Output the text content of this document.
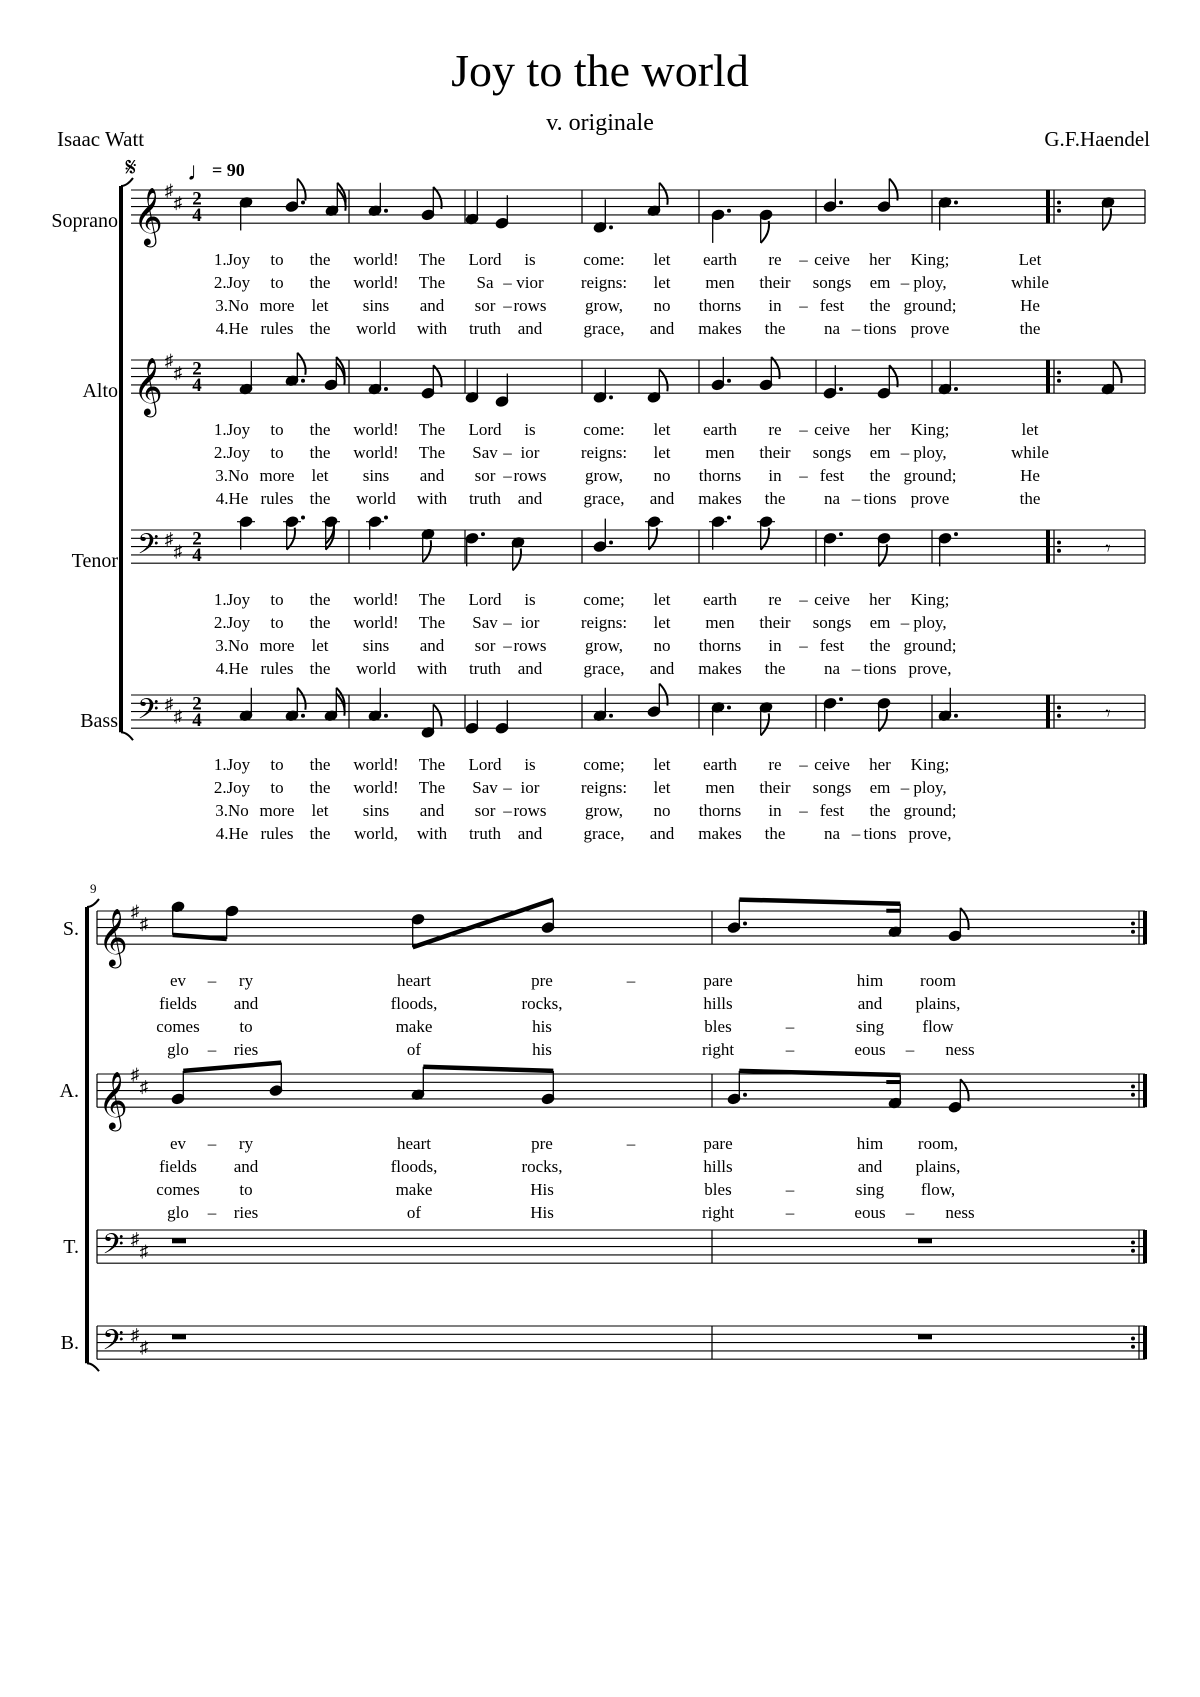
Joy to the world
v. originale
Isaac Watt	G.F.Haendel
𝄋 ♩ = 90
Soprano 𝄞 ♯
♯ 2
4
1.Joy to the world! The Lord is	come: let earth re – ceive her King;	Let
2.Joy to the world! The Sa – vior reigns: let men their songs em – ploy,	while
3.No more let sins and sor – rows grow, no thorns in – fest the ground;	He
4.He rules the world with truth and grace, and makes the na – tions prove	the
Alto 𝄞 ♯
♯ 2
4
1.Joy to the world! The Lord is	come: let earth re – ceive her King;	let
2.Joy to the world! The Sav – ior reigns: let men their songs em – ploy,	while
3.No more let sins and sor – rows grow, no thorns in – fest the ground;	He
4.He rules the world with truth and grace, and makes the na – tions prove	the
Tenor 𝄢 ♯
♯
2
4
1.Joy to the world! The Lord is	come; let earth re – ceive her King;
2.Joy to the world! The Sav – ior reigns: let men their songs em – ploy,
3.No more let sins and sor – rows grow, no thorns in – fest the ground;
4.He rules the world with truth and grace, and makes the na – tions prove,
Bass 𝄢 ♯
♯
2
4
1.Joy to the world! The Lord is	come; let earth re – ceive her King;
2.Joy to the world! The Sav – ior reigns: let men their songs em – ploy,
3.No more let sins and sor – rows grow, no thorns in – fest the ground;
4.He rules the world, with truth and grace, and makes the na – tions prove,
𝄾
𝄾
9
S. 𝄞 ♯
♯
ev – ry	heart	pre	–	pare	him room
fields and	floods,	rocks,	hills	and plains,
comes to	make	his	bles	–	sing flow
glo – ries	of	his	right	–	eous – ness
A. 𝄞 ♯
♯
ev – ry	heart	pre	–	pare	him room,
fields and	floods,	rocks,	hills	and plains,
comes to	make	His	bles	–	sing flow,
glo – ries	of	His	right	–	eous – ness
T. 𝄢 ♯
♯
B. 𝄢 ♯
♯
